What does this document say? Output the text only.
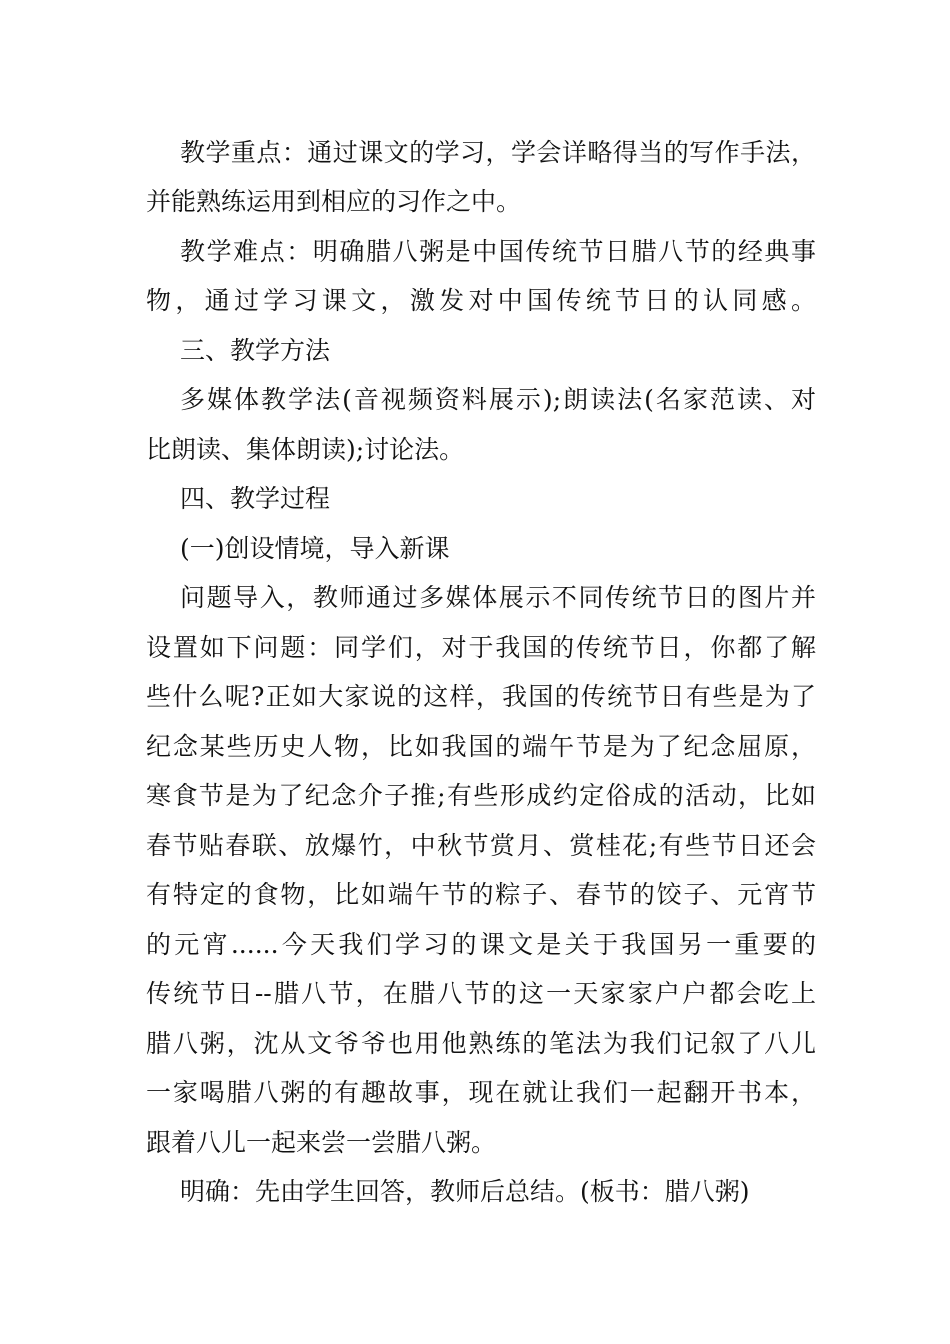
教学重点：通过课文的学习，学会详略得当的写作手法，
并能熟练运用到相应的习作之中。
教学难点：明确腊八粥是中国传统节日腊八节的经典事
物，通过学习课文，激发对中国传统节日的认同感。
三、教学方法
多媒体教学法(音视频资料展示);朗读法(名家范读、对
比朗读、集体朗读);讨论法。
四、教学过程
(一)创设情境，导入新课
问题导入，教师通过多媒体展示不同传统节日的图片并
设置如下问题：同学们，对于我国的传统节日，你都了解
些什么呢?正如大家说的这样，我国的传统节日有些是为了
纪念某些历史人物，比如我国的端午节是为了纪念屈原，
寒食节是为了纪念介子推;有些形成约定俗成的活动，比如
春节贴春联、放爆竹，中秋节赏月、赏桂花;有些节日还会
有特定的食物，比如端午节的粽子、春节的饺子、元宵节
的元宵......今天我们学习的课文是关于我国另一重要的
传统节日--腊八节，在腊八节的这一天家家户户都会吃上
腊八粥，沈从文爷爷也用他熟练的笔法为我们记叙了八儿
一家喝腊八粥的有趣故事，现在就让我们一起翻开书本，
跟着八儿一起来尝一尝腊八粥。
明确：先由学生回答，教师后总结。(板书：腊八粥)
